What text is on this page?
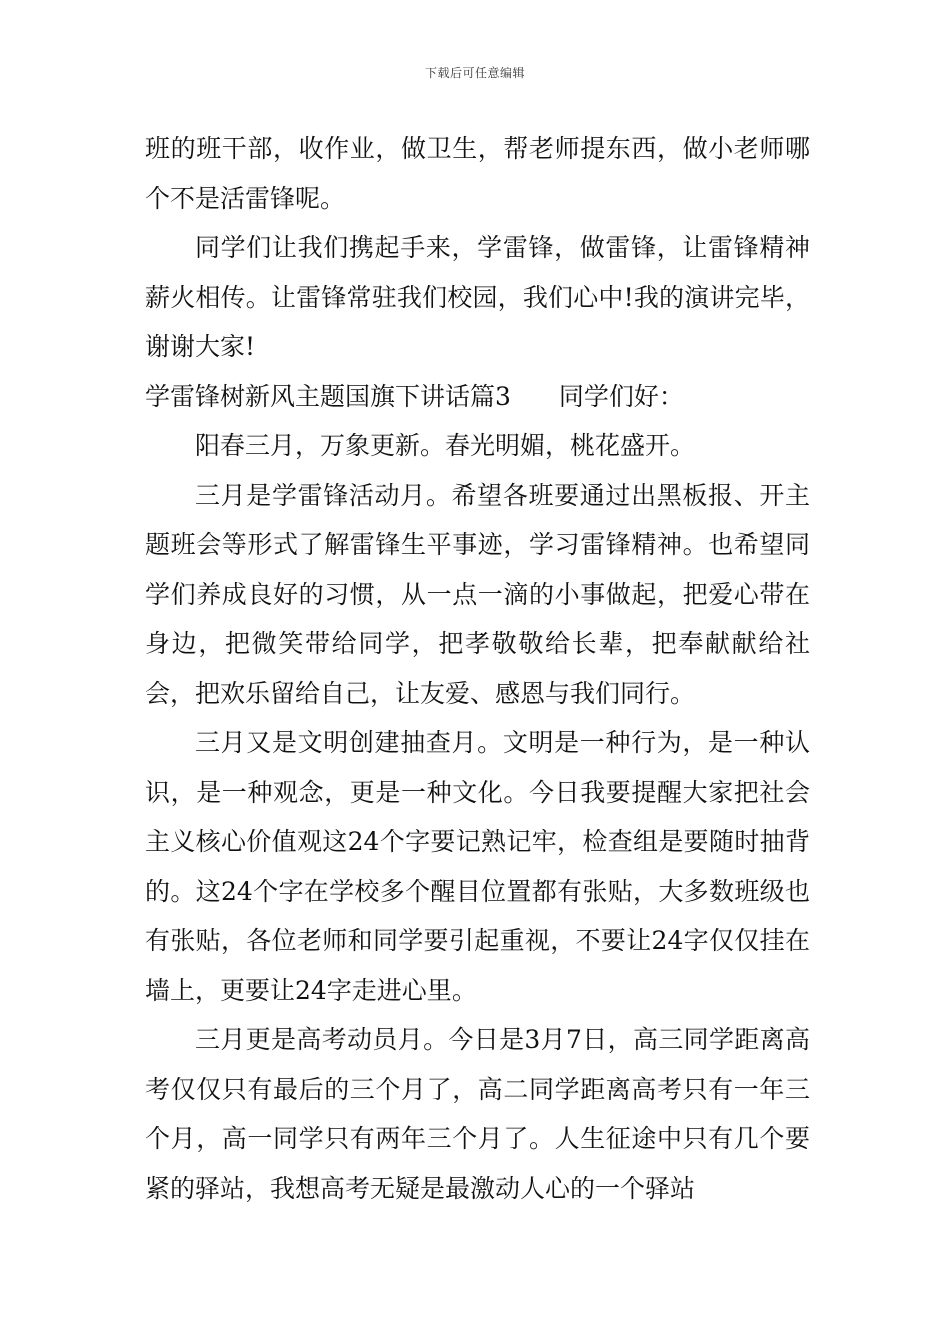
下载后可任意编辑

班的班干部，收作业，做卫生，帮老师提东西，做小老师哪个不是活雷锋呢。

同学们让我们携起手来，学雷锋，做雷锋，让雷锋精神薪火相传。让雷锋常驻我们校园，我们心中!我的演讲完毕，谢谢大家!

学雷锋树新风主题国旗下讲话篇3 同学们好：

阳春三月，万象更新。春光明媚，桃花盛开。

三月是学雷锋活动月。希望各班要通过出黑板报、开主题班会等形式了解雷锋生平事迹，学习雷锋精神。也希望同学们养成良好的习惯，从一点一滴的小事做起，把爱心带在身边，把微笑带给同学，把孝敬敬给长辈，把奉献献给社会，把欢乐留给自己，让友爱、感恩与我们同行。

三月又是文明创建抽查月。文明是一种行为，是一种认识，是一种观念，更是一种文化。今日我要提醒大家把社会主义核心价值观这24个字要记熟记牢，检查组是要随时抽背的。这24个字在学校多个醒目位置都有张贴，大多数班级也有张贴，各位老师和同学要引起重视，不要让24字仅仅挂在墙上，更要让24字走进心里。

三月更是高考动员月。今日是3月7日，高三同学距离高考仅仅只有最后的三个月了，高二同学距离高考只有一年三个月，高一同学只有两年三个月了。人生征途中只有几个要紧的驿站，我想高考无疑是最激动人心的一个驿站
